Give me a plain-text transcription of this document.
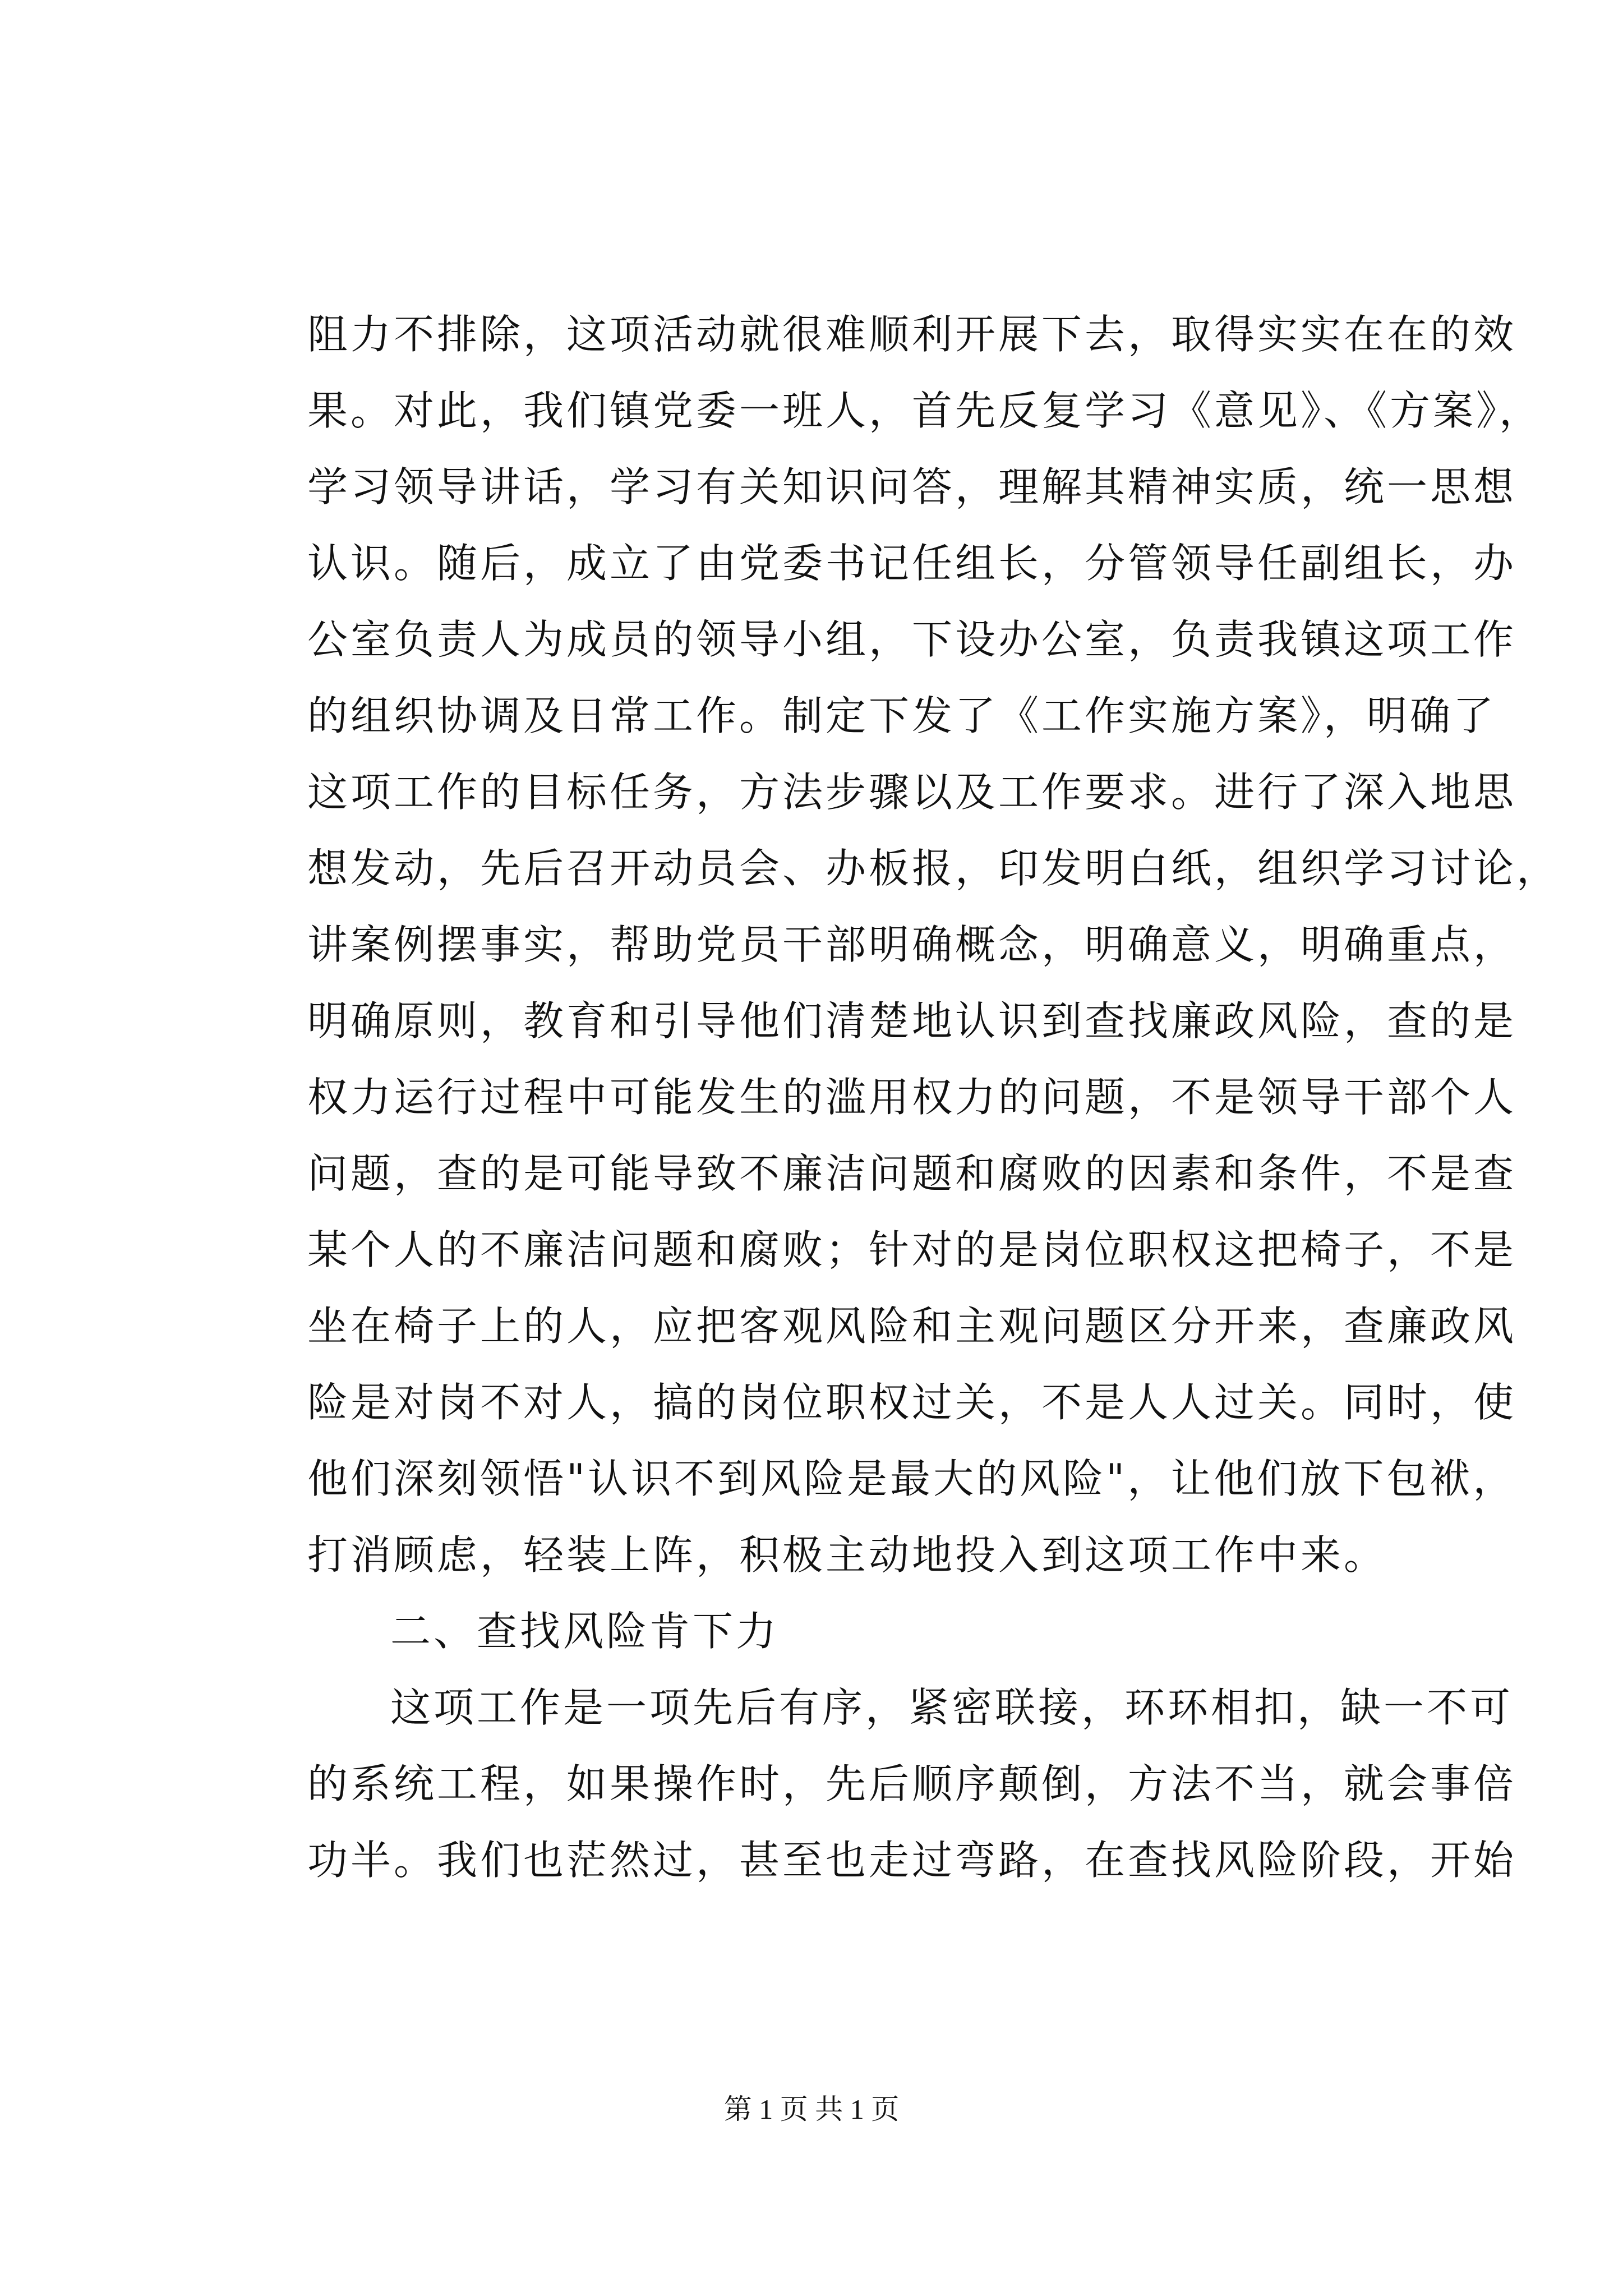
阻力不排除，这项活动就很难顺利开展下去，取得实实在在的效
果。对此，我们镇党委一班人，首先反复学习《意见》、《方案》，
学习领导讲话，学习有关知识问答，理解其精神实质，统一思想
认识。随后，成立了由党委书记任组长，分管领导任副组长，办
公室负责人为成员的领导小组，下设办公室，负责我镇这项工作
的组织协调及日常工作。制定下发了《工作实施方案》，明确了
这项工作的目标任务，方法步骤以及工作要求。进行了深入地思
想发动，先后召开动员会、办板报，印发明白纸，组织学习讨论，
讲案例摆事实，帮助党员干部明确概念，明确意义，明确重点，
明确原则，教育和引导他们清楚地认识到查找廉政风险，查的是
权力运行过程中可能发生的滥用权力的问题，不是领导干部个人
问题，查的是可能导致不廉洁问题和腐败的因素和条件，不是查
某个人的不廉洁问题和腐败；针对的是岗位职权这把椅子，不是
坐在椅子上的人，应把客观风险和主观问题区分开来，查廉政风
险是对岗不对人，搞的岗位职权过关，不是人人过关。同时，使
他们深刻领悟"认识不到风险是最大的风险"，让他们放下包袱，
打消顾虑，轻装上阵，积极主动地投入到这项工作中来。
二、查找风险肯下力
这项工作是一项先后有序，紧密联接，环环相扣，缺一不可
的系统工程，如果操作时，先后顺序颠倒，方法不当，就会事倍
功半。我们也茫然过，甚至也走过弯路，在查找风险阶段，开始
第 1 页 共 1 页
